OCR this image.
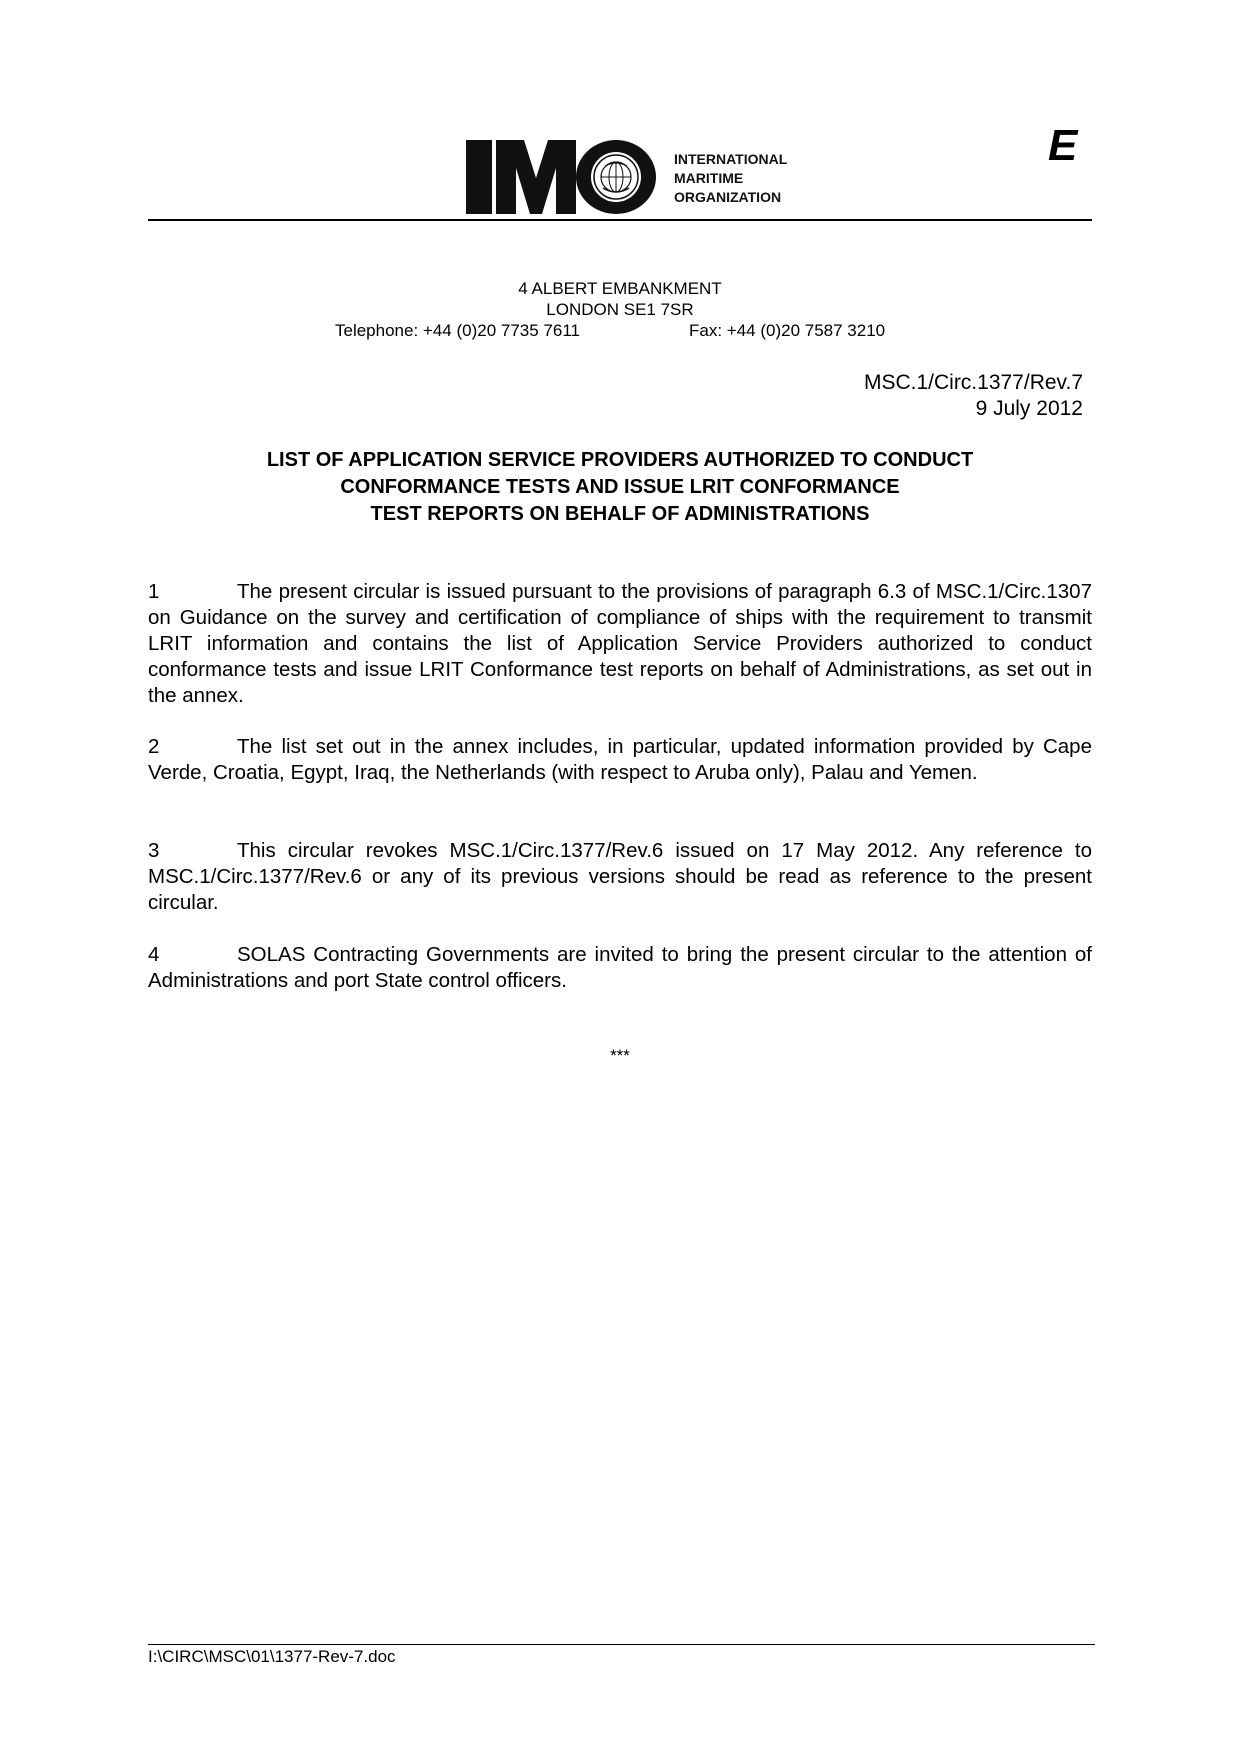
INTERNATIONAL
MARITIME
ORGANIZATION
E
4 ALBERT EMBANKMENT
LONDON SE1 7SR
Telephone: +44 (0)20 7735 7611	Fax: +44 (0)20 7587 3210
MSC.1/Circ.1377/Rev.7
9 July 2012
LIST OF APPLICATION SERVICE PROVIDERS AUTHORIZED TO CONDUCT
CONFORMANCE TESTS AND ISSUE LRIT CONFORMANCE
TEST REPORTS ON BEHALF OF ADMINISTRATIONS

1	The present circular is issued pursuant to the provisions of paragraph 6.3 of MSC.1/Circ.1307 on Guidance on the survey and certification of compliance of ships with the requirement to transmit LRIT information and contains the list of Application Service Providers authorized to conduct conformance tests and issue LRIT Conformance test reports on behalf of Administrations, as set out in the annex.

2	The list set out in the annex includes, in particular, updated information provided by Cape Verde, Croatia, Egypt, Iraq, the Netherlands (with respect to Aruba only), Palau and Yemen.

3	This circular revokes MSC.1/Circ.1377/Rev.6 issued on 17 May 2012. Any reference to MSC.1/Circ.1377/Rev.6 or any of its previous versions should be read as reference to the present circular.

4	SOLAS Contracting Governments are invited to bring the present circular to the attention of Administrations and port State control officers.

***
I:\CIRC\MSC\01\1377-Rev-7.doc
